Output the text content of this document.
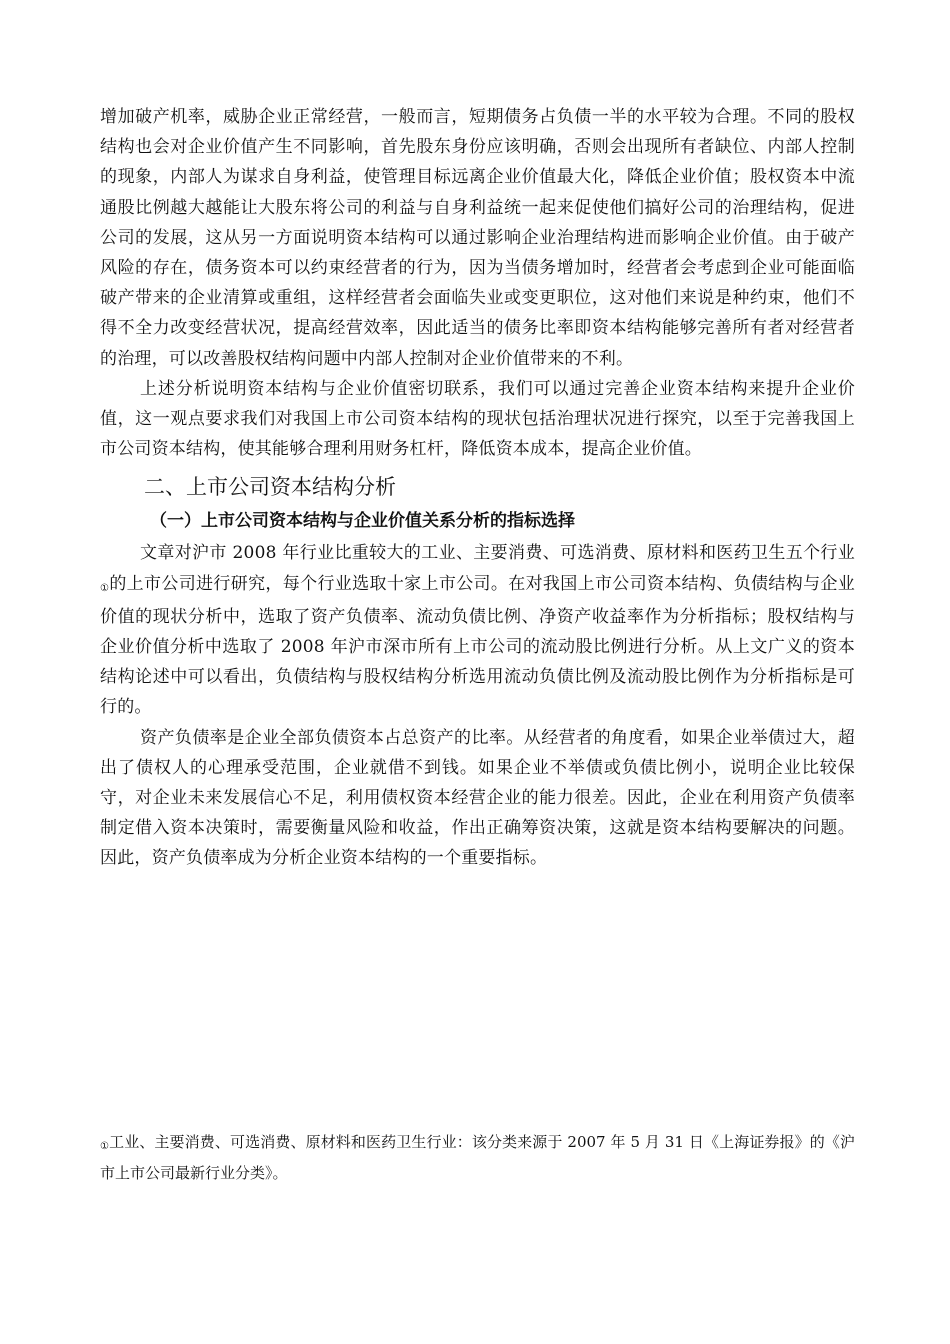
增加破产机率，威胁企业正常经营，一般而言，短期债务占负债一半的水平较为合理。不同的股权结构也会对企业价值产生不同影响，首先股东身份应该明确，否则会出现所有者缺位、内部人控制的现象，内部人为谋求自身利益，使管理目标远离企业价值最大化，降低企业价值；股权资本中流通股比例越大越能让大股东将公司的利益与自身利益统一起来促使他们搞好公司的治理结构，促进公司的发展，这从另一方面说明资本结构可以通过影响企业治理结构进而影响企业价值。由于破产风险的存在，债务资本可以约束经营者的行为，因为当债务增加时，经营者会考虑到企业可能面临破产带来的企业清算或重组，这样经营者会面临失业或变更职位，这对他们来说是种约束，他们不得不全力改变经营状况，提高经营效率，因此适当的债务比率即资本结构能够完善所有者对经营者的治理，可以改善股权结构问题中内部人控制对企业价值带来的不利。

上述分析说明资本结构与企业价值密切联系，我们可以通过完善企业资本结构来提升企业价值，这一观点要求我们对我国上市公司资本结构的现状包括治理状况进行探究，以至于完善我国上市公司资本结构，使其能够合理利用财务杠杆，降低资本成本，提高企业价值。

二、上市公司资本结构分析
（一）上市公司资本结构与企业价值关系分析的指标选择

文章对沪市 2008 年行业比重较大的工业、主要消费、可选消费、原材料和医药卫生五个行业①的上市公司进行研究，每个行业选取十家上市公司。在对我国上市公司资本结构、负债结构与企业价值的现状分析中，选取了资产负债率、流动负债比例、净资产收益率作为分析指标；股权结构与企业价值分析中选取了 2008 年沪市深市所有上市公司的流动股比例进行分析。从上文广义的资本结构论述中可以看出，负债结构与股权结构分析选用流动负债比例及流动股比例作为分析指标是可行的。

资产负债率是企业全部负债资本占总资产的比率。从经营者的角度看，如果企业举债过大，超出了债权人的心理承受范围，企业就借不到钱。如果企业不举债或负债比例小，说明企业比较保守，对企业未来发展信心不足，利用债权资本经营企业的能力很差。因此，企业在利用资产负债率制定借入资本决策时，需要衡量风险和收益，作出正确筹资决策，这就是资本结构要解决的问题。因此，资产负债率成为分析企业资本结构的一个重要指标。

①工业、主要消费、可选消费、原材料和医药卫生行业：该分类来源于 2007 年 5 月 31 日《上海证券报》的《沪市上市公司最新行业分类》。
